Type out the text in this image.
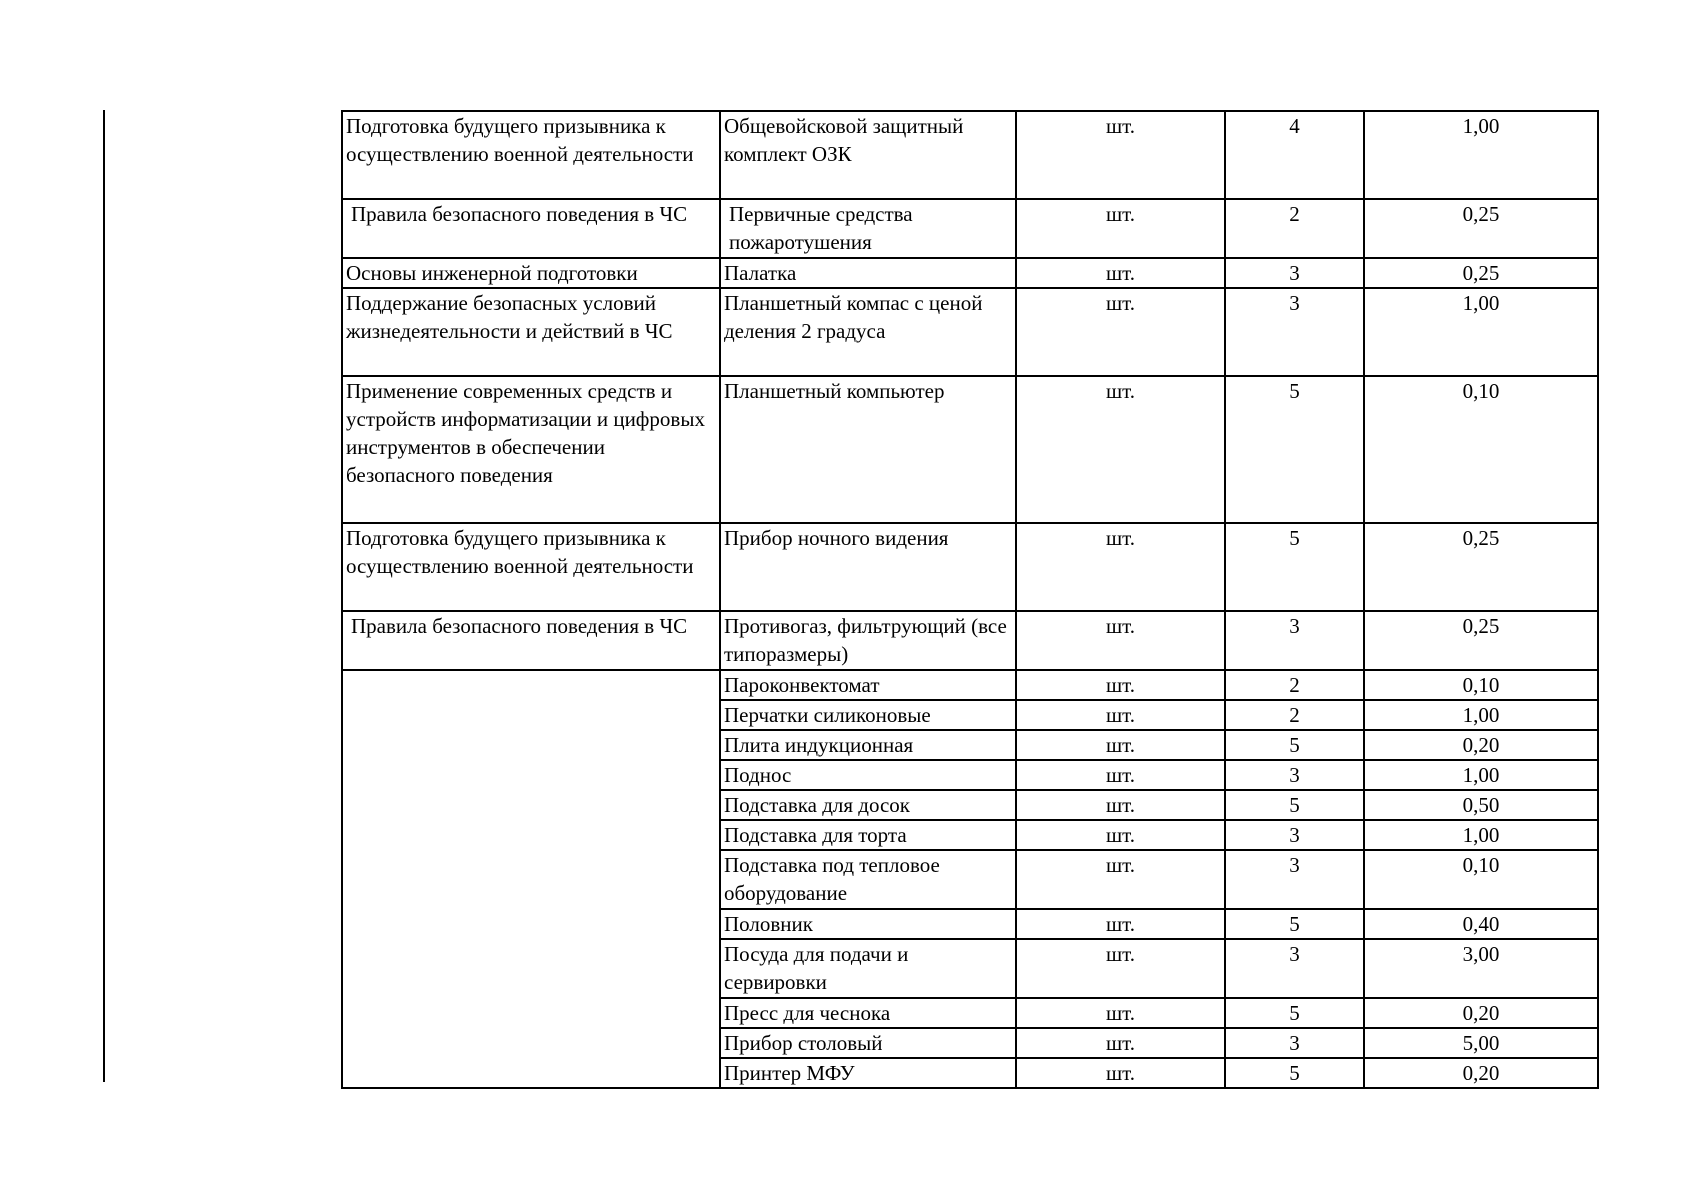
Подготовка будущего призывника к осуществлению военной деятельности	Общевойсковой защитный комплект ОЗК	шт.	4	1,00
Правила безопасного поведения в ЧС	Первичные средства пожаротушения	шт.	2	0,25
Основы инженерной подготовки	Палатка	шт.	3	0,25
Поддержание безопасных условий жизнедеятельности и действий в ЧС	Планшетный компас с ценой деления 2 градуса	шт.	3	1,00
Применение современных средств и устройств информатизации и цифровых инструментов в обеспечении безопасного поведения	Планшетный компьютер	шт.	5	0,10
Подготовка будущего призывника к осуществлению военной деятельности	Прибор ночного видения	шт.	5	0,25
Правила безопасного поведения в ЧС	Противогаз, фильтрующий (все типоразмеры)	шт.	3	0,25
	Пароконвектомат	шт.	2	0,10
	Перчатки силиконовые	шт.	2	1,00
	Плита индукционная	шт.	5	0,20
	Поднос	шт.	3	1,00
	Подставка для досок	шт.	5	0,50
	Подставка для торта	шт.	3	1,00
	Подставка под тепловое оборудование	шт.	3	0,10
	Половник	шт.	5	0,40
	Посуда для подачи и сервировки	шт.	3	3,00
	Пресс для чеснока	шт.	5	0,20
	Прибор столовый	шт.	3	5,00
	Принтер МФУ	шт.	5	0,20
